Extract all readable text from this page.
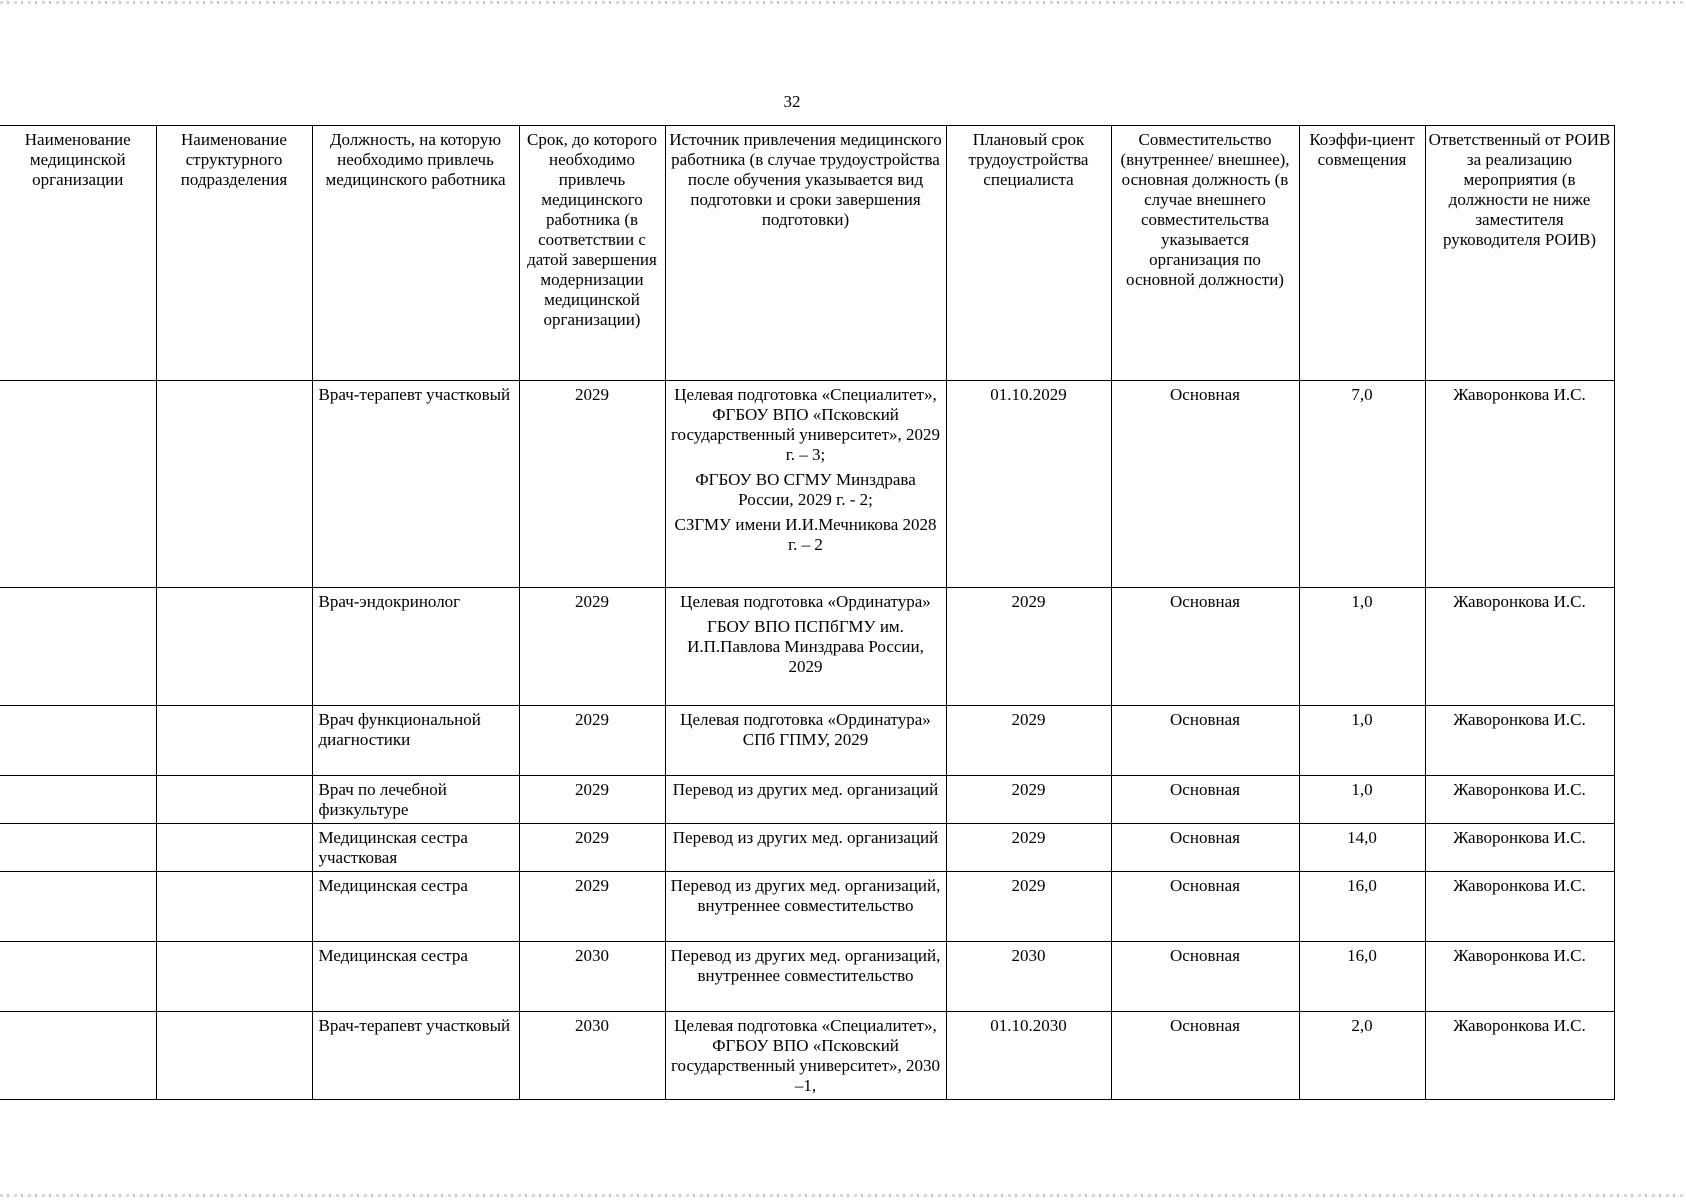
32
Наименование медицинской организации	Наименование структурного подразделения	Должность, на которую необходимо привлечь медицинского работника	Срок, до которого необходимо привлечь медицинского работника (в соответствии с датой завершения модернизации медицинской организации)	Источник привлечения медицинского работника (в случае трудоустройства после обучения указывается вид подготовки и сроки завершения подготовки)	Плановый срок трудоустройства специалиста	Совместительство (внутреннее/ внешнее), основная должность (в случае внешнего совместительства указывается организация по основной должности)	Коэффи-циент совмещения	Ответственный от РОИВ за реализацию мероприятия (в должности не ниже заместителя руководителя РОИВ)
		Врач-терапевт участковый	2029	Целевая подготовка «Специалитет», ФГБОУ ВПО «Псковский государственный университет», 2029 г. – 3;
ФГБОУ ВО СГМУ Минздрава России, 2029 г. - 2;
СЗГМУ имени И.И.Мечникова 2028 г. – 2	01.10.2029	Основная	7,0	Жаворонкова И.С.
		Врач-эндокринолог	2029	Целевая подготовка «Ординатура»
ГБОУ ВПО ПСПбГМУ им. И.П.Павлова Минздрава России, 2029	2029	Основная	1,0	Жаворонкова И.С.
		Врач функциональной диагностики	2029	Целевая подготовка «Ординатура» СПб ГПМУ, 2029	2029	Основная	1,0	Жаворонкова И.С.
		Врач по лечебной физкультуре	2029	Перевод из других мед. организаций	2029	Основная	1,0	Жаворонкова И.С.
		Медицинская сестра участковая	2029	Перевод из других мед. организаций	2029	Основная	14,0	Жаворонкова И.С.
		Медицинская сестра	2029	Перевод из других мед. организаций, внутреннее совместительство	2029	Основная	16,0	Жаворонкова И.С.
		Медицинская сестра	2030	Перевод из других мед. организаций, внутреннее совместительство	2030	Основная	16,0	Жаворонкова И.С.
		Врач-терапевт участковый	2030	Целевая подготовка «Специалитет», ФГБОУ ВПО «Псковский государственный университет», 2030 –1,	01.10.2030	Основная	2,0	Жаворонкова И.С.
